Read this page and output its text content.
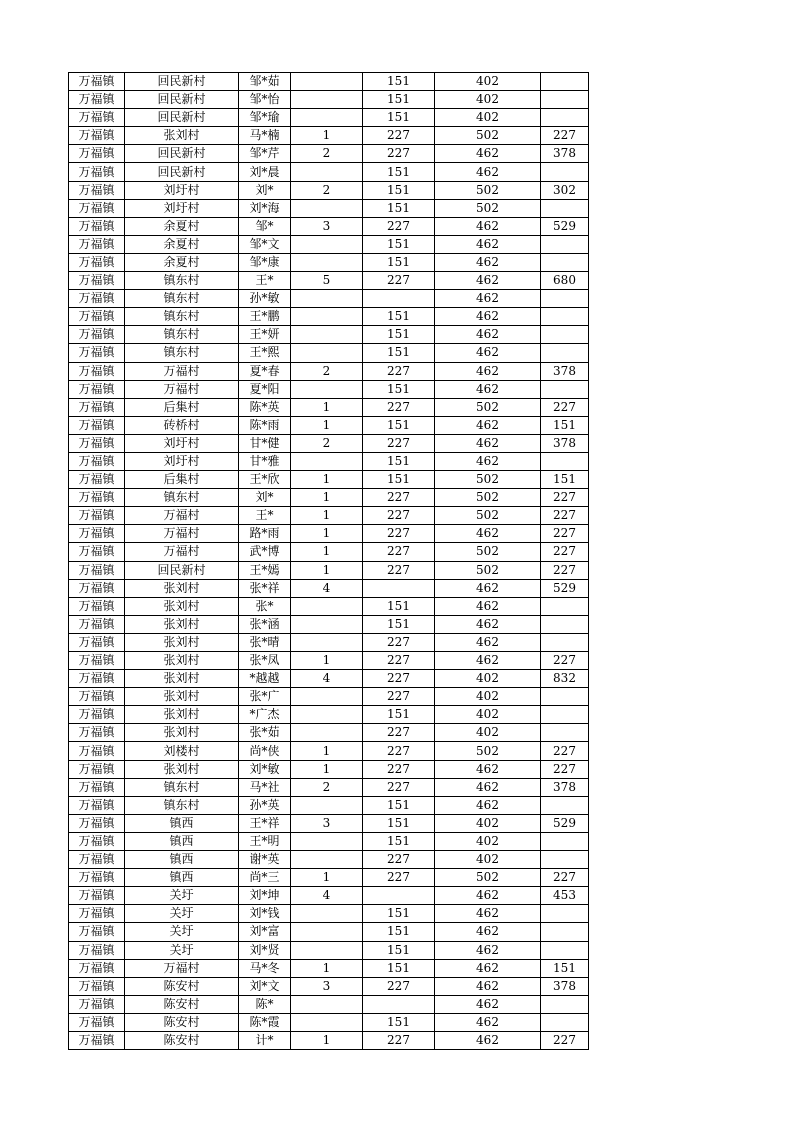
万福镇	回民新村	邹*茹		151	402	
万福镇	回民新村	邹*怡		151	402	
万福镇	回民新村	邹*瑜		151	402	
万福镇	张刘村	马*楠	1	227	502	227
万福镇	回民新村	邹*芹	2	227	462	378
万福镇	回民新村	刘*晨		151	462	
万福镇	刘圩村	刘*	2	151	502	302
万福镇	刘圩村	刘*海		151	502	
万福镇	余夏村	邹*	3	227	462	529
万福镇	余夏村	邹*文		151	462	
万福镇	余夏村	邹*康		151	462	
万福镇	镇东村	王*	5	227	462	680
万福镇	镇东村	孙*敏			462	
万福镇	镇东村	王*鹏		151	462	
万福镇	镇东村	王*妍		151	462	
万福镇	镇东村	王*熙		151	462	
万福镇	万福村	夏*春	2	227	462	378
万福镇	万福村	夏*阳		151	462	
万福镇	后集村	陈*英	1	227	502	227
万福镇	砖桥村	陈*雨	1	151	462	151
万福镇	刘圩村	甘*健	2	227	462	378
万福镇	刘圩村	甘*雅		151	462	
万福镇	后集村	王*欣	1	151	502	151
万福镇	镇东村	刘*	1	227	502	227
万福镇	万福村	王*	1	227	502	227
万福镇	万福村	路*雨	1	227	462	227
万福镇	万福村	武*博	1	227	502	227
万福镇	回民新村	王*嫣	1	227	502	227
万福镇	张刘村	张*祥	4		462	529
万福镇	张刘村	张*		151	462	
万福镇	张刘村	张*涵		151	462	
万福镇	张刘村	张*晴		227	462	
万福镇	张刘村	张*凤	1	227	462	227
万福镇	张刘村	*越越	4	227	402	832
万福镇	张刘村	张*广		227	402	
万福镇	张刘村	*广杰		151	402	
万福镇	张刘村	张*茹		227	402	
万福镇	刘楼村	尚*侠	1	227	502	227
万福镇	张刘村	刘*敏	1	227	462	227
万福镇	镇东村	马*社	2	227	462	378
万福镇	镇东村	孙*英		151	462	
万福镇	镇西	王*祥	3	151	402	529
万福镇	镇西	王*明		151	402	
万福镇	镇西	谢*英		227	402	
万福镇	镇西	尚*三	1	227	502	227
万福镇	关圩	刘*坤	4		462	453
万福镇	关圩	刘*钱		151	462	
万福镇	关圩	刘*富		151	462	
万福镇	关圩	刘*贤		151	462	
万福镇	万福村	马*冬	1	151	462	151
万福镇	陈安村	刘*文	3	227	462	378
万福镇	陈安村	陈*			462	
万福镇	陈安村	陈*霞		151	462	
万福镇	陈安村	计*	1	227	462	227
